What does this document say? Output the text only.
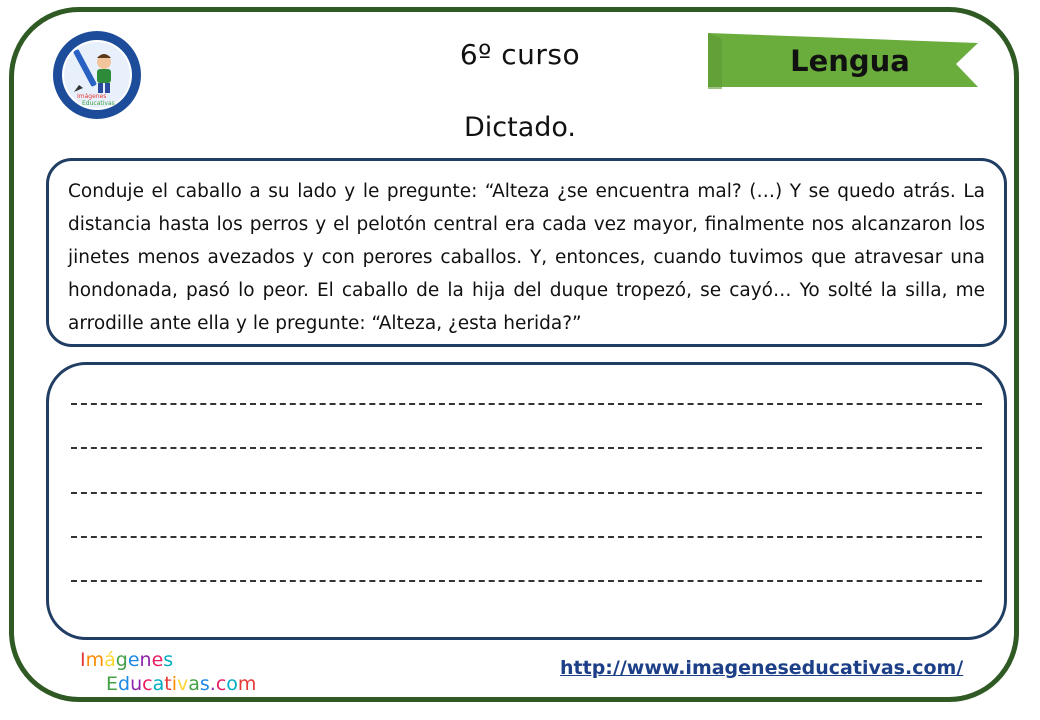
Imágenes
Educativas
6º curso	Lengua
Dictado.

Conduje el caballo a su lado y le pregunte: “Alteza ¿se encuentra mal? (…) Y se quedo atrás. La distancia hasta los perros y el pelotón central era cada vez mayor, finalmente nos alcanzaron los jinetes menos avezados y con perores caballos. Y, entonces, cuando tuvimos que atravesar una hondonada, pasó lo peor. El caballo de la hija del duque tropezó, se cayó… Yo solté la silla, me arrodille ante ella y le pregunte: “Alteza, ¿esta herida?”

Imágenes
Educativas.com
http://www.imageneseducativas.com/
